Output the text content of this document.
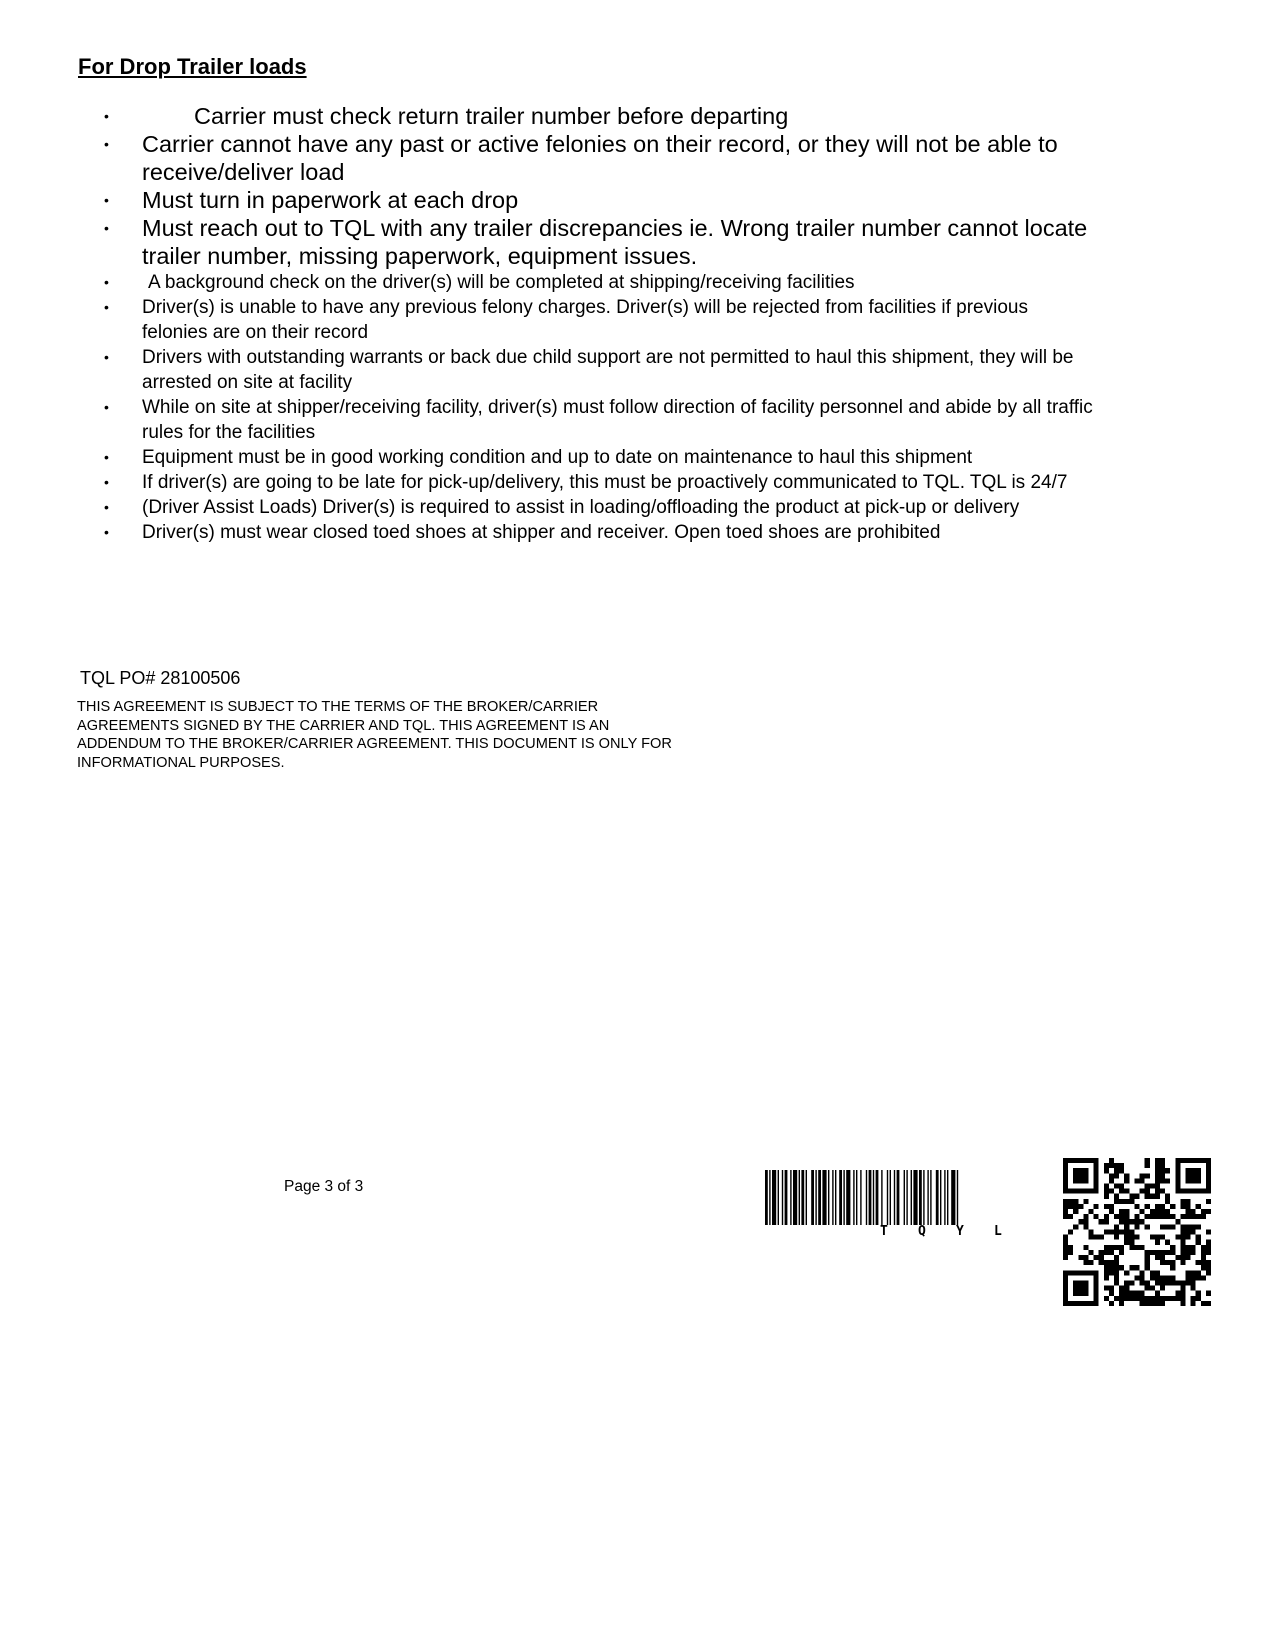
For Drop Trailer loads
•	Carrier must check return trailer number before departing
• Carrier cannot have any past or active felonies on their record, or they will not be able to receive/deliver load
• Must turn in paperwork at each drop
• Must reach out to TQL with any trailer discrepancies ie. Wrong trailer number cannot locate trailer number, missing paperwork, equipment issues.
•	A background check on the driver(s) will be completed at shipping/receiving facilities
• Driver(s) is unable to have any previous felony charges. Driver(s) will be rejected from facilities if previous felonies are on their record
• Drivers with outstanding warrants or back due child support are not permitted to haul this shipment, they will be arrested on site at facility
• While on site at shipper/receiving facility, driver(s) must follow direction of facility personnel and abide by all traffic rules for the facilities
• Equipment must be in good working condition and up to date on maintenance to haul this shipment
• If driver(s) are going to be late for pick-up/delivery, this must be proactively communicated to TQL. TQL is 24/7
• (Driver Assist Loads) Driver(s) is required to assist in loading/offloading the product at pick-up or delivery
• Driver(s) must wear closed toed shoes at shipper and receiver. Open toed shoes are prohibited
TQL PO# 28100506
THIS AGREEMENT IS SUBJECT TO THE TERMS OF THE BROKER/CARRIER
AGREEMENTS SIGNED BY THE CARRIER AND TQL. THIS AGREEMENT IS AN
ADDENDUM TO THE BROKER/CARRIER AGREEMENT. THIS DOCUMENT IS ONLY FOR
INFORMATIONAL PURPOSES.
Page 3 of 3
T Q Y L
